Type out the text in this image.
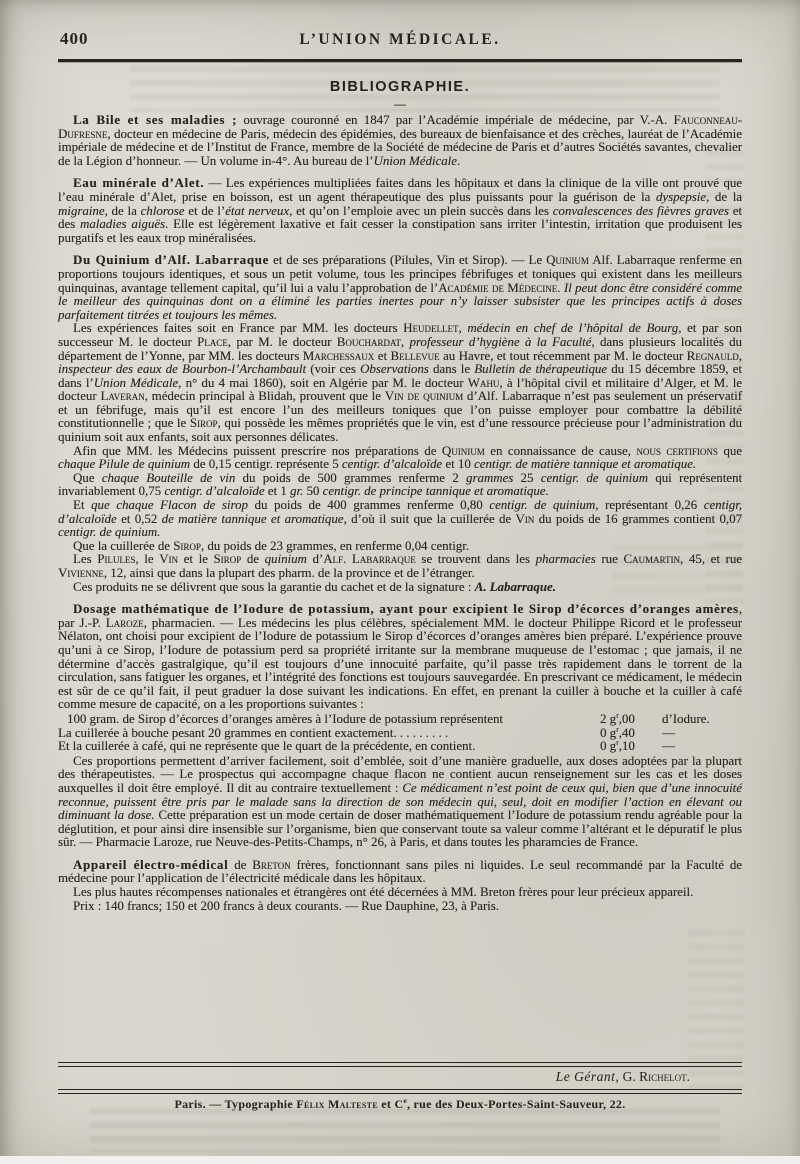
400	L’UNION MÉDICALE.
BIBLIOGRAPHIE.
—

La Bile et ses maladies ; ouvrage couronné en 1847 par l’Académie impériale de médecine, par V.-A. Fauconneau-Dufresne, docteur en médecine de Paris, médecin des épidémies, des bureaux de bienfaisance et des crèches, lauréat de l’Académie impériale de médecine et de l’Institut de France, membre de la Société de médecine de Paris et d’autres Sociétés savantes, chevalier de la Légion d’honneur. — Un volume in-4°. Au bureau de l’Union Médicale.

Eau minérale d’Alet. — Les expériences multipliées faites dans les hôpitaux et dans la clinique de la ville ont prouvé que l’eau minérale d’Alet, prise en boisson, est un agent thérapeutique des plus puissants pour la guérison de la dyspepsie, de la migraine, de la chlorose et de l’état nerveux, et qu’on l’emploie avec un plein succès dans les convalescences des fièvres graves et des maladies aiguës. Elle est légèrement laxative et fait cesser la constipation sans irriter l’intestin, irritation que produisent les purgatifs et les eaux trop minéralisées.

Du Quinium d’Alf. Labarraque et de ses préparations (Pilules, Vin et Sirop). — Le Quinium Alf. Labarraque renferme en proportions toujours identiques, et sous un petit volume, tous les principes fébrifuges et toniques qui existent dans les meilleurs quinquinas, avantage tellement capital, qu’il lui a valu l’approbation de l’Académie de Médecine. Il peut donc être considéré comme le meilleur des quinquinas dont on a éliminé les parties inertes pour n’y laisser subsister que les principes actifs à doses parfaitement titrées et toujours les mêmes.

Les expériences faites soit en France par MM. les docteurs Heudellet, médecin en chef de l’hôpital de Bourg, et par son successeur M. le docteur Place, par M. le docteur Bouchardat, professeur d’hygiène à la Faculté, dans plusieurs localités du département de l’Yonne, par MM. les docteurs Marchessaux et Bellevue au Havre, et tout récemment par M. le docteur Regnauld, inspecteur des eaux de Bourbon-l’Archambault (voir ces Observations dans le Bulletin de thérapeutique du 15 décembre 1859, et dans l’Union Médicale, n° du 4 mai 1860), soit en Algérie par M. le docteur Wahu, à l’hôpital civil et militaire d’Alger, et M. le docteur Laveran, médecin principal à Blidah, prouvent que le Vin de quinium d’Alf. Labarraque n’est pas seulement un préservatif et un fébrifuge, mais qu’il est encore l’un des meilleurs toniques que l’on puisse employer pour combattre la débilité constitutionnelle ; que le Sirop, qui possède les mêmes propriétés que le vin, est d’une ressource précieuse pour l’administration du quinium soit aux enfants, soit aux personnes délicates.

Afin que MM. les Médecins puissent prescrire nos préparations de Quinium en connaissance de cause, nous certifions que chaque Pilule de quinium de 0,15 centigr. représente 5 centigr. d’alcaloïde et 10 centigr. de matière tannique et aromatique.

Que chaque Bouteille de vin du poids de 500 grammes renferme 2 grammes 25 centigr. de quinium qui représentent invariablement 0,75 centigr. d’alcaloïde et 1 gr. 50 centigr. de principe tannique et aromatique.

Et que chaque Flacon de sirop du poids de 400 grammes renferme 0,80 centigr. de quinium, représentant 0,26 centigr, d’alcaloïde et 0,52 de matière tannique et aromatique, d’où il suit que la cuillerée de Vin du poids de 16 grammes contient 0,07 centigr. de quinium.

Que la cuillerée de Sirop, du poids de 23 grammes, en renferme 0,04 centigr.

Les Pilules, le Vin et le Sirop de quinium d’Alf. Labarraque se trouvent dans les pharmacies rue Caumartin, 45, et rue Vivienne, 12, ainsi que dans la plupart des pharm. de la province et de l’étranger.

Ces produits ne se délivrent que sous la garantie du cachet et de la signature : A. Labarraque.

Dosage mathématique de l’Iodure de potassium, ayant pour excipient le Sirop d’écorces d’oranges amères, par J.-P. Laroze, pharmacien. — Les médecins les plus célèbres, spécialement MM. le docteur Philippe Ricord et le professeur Nélaton, ont choisi pour excipient de l’Iodure de potassium le Sirop d’écorces d’oranges amères bien préparé. L’expérience prouve qu’uni à ce Sirop, l’Iodure de potassium perd sa propriété irritante sur la membrane muqueuse de l’estomac ; que jamais, il ne détermine d’accès gastralgique, qu’il est toujours d’une innocuité parfaite, qu’il passe très rapidement dans le torrent de la circulation, sans fatiguer les organes, et l’intégrité des fonctions est toujours sauvegardée. En prescrivant ce médicament, le médecin est sûr de ce qu’il fait, il peut graduer la dose suivant les indications. En effet, en prenant la cuiller à bouche et la cuiller à café comme mesure de capacité, on a les proportions suivantes :

100 gram. de Sirop d’écorces d’oranges amères à l’Iodure de potassium représentent	2 $g^r,00$	d’Iodure.
La cuillerée à bouche pesant 20 grammes en contient exactement. . . . . . . . .	0 $g^r,40$	—
Et la cuillerée à café, qui ne représente que le quart de la précédente, en contient.	0 $g^r,10$	—

Ces proportions permettent d’arriver facilement, soit d’emblée, soit d’une manière graduelle, aux doses adoptées par la plupart des thérapeutistes. — Le prospectus qui accompagne chaque flacon ne contient aucun renseignement sur les cas et les doses auxquelles il doit être employé. Il dit au contraire textuellement : Ce médicament n’est point de ceux qui, bien que d’une innocuité reconnue, puissent être pris par le malade sans la direction de son médecin qui, seul, doit en modifier l’action en élevant ou diminuant la dose. Cette préparation est un mode certain de doser mathématiquement l’Iodure de potassium rendu agréable pour la déglutition, et pour ainsi dire insensible sur l’organisme, bien que conservant toute sa valeur comme l’altérant et le dépuratif le plus sûr. — Pharmacie Laroze, rue Neuve-des-Petits-Champs, n° 26, à Paris, et dans toutes les pharamcies de France.

Appareil électro-médical de Breton frères, fonctionnant sans piles ni liquides. Le seul recommandé par la Faculté de médecine pour l’application de l’électricité médicale dans les hôpitaux.

Les plus hautes récompenses nationales et étrangères ont été décernées à MM. Breton frères pour leur précieux appareil.

Prix : 140 francs; 150 et 200 francs à deux courants. — Rue Dauphine, 23, à Paris.

Le Gérant, G. Richelot.
Paris. — Typographie Félix Malteste et Ce, rue des Deux-Portes-Saint-Sauveur, 22.
